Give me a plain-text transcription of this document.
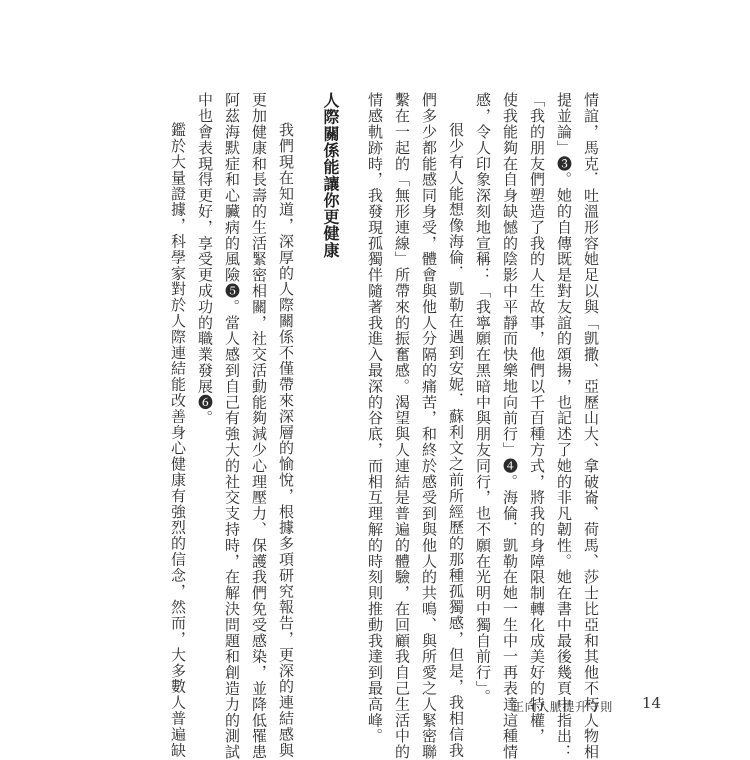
情誼，馬克．吐溫形容她足以與「凱撒、亞歷山大、拿破崙、荷馬、莎士比亞和其他不朽人物相
提並論」❸。她的自傳既是對友誼的頌揚，也記述了她的非凡韌性。她在書中最後幾頁中指出：
「我的朋友們塑造了我的人生故事，他們以千百種方式，將我的身障限制轉化成美好的特權，
使我能夠在自身缺憾的陰影中平靜而快樂地向前行」❹。海倫．凱勒在她一生中一再表達這種情
感，令人印象深刻地宣稱：「我寧願在黑暗中與朋友同行，也不願在光明中獨自前行」。
很少有人能想像海倫．凱勒在遇到安妮．蘇利文之前所經歷的那種孤獨感，但是，我相信我
們多少都能感同身受，體會與他人分隔的痛苦，和終於感受到與他人的共鳴、與所愛之人緊密聯
繫在一起的「無形連線」所帶來的振奮感。渴望與人連結是普遍的體驗，在回顧我自己生活中的
情感軌跡時，我發現孤獨伴隨著我進入最深的谷底，而相互理解的時刻則推動我達到最高峰。
人際關係能讓你更健康
我們現在知道，深厚的人際關係不僅帶來深層的愉悅，根據多項研究報告，更深的連結感與
更加健康和長壽的生活緊密相關，社交活動能夠減少心理壓力、保護我們免受感染，並降低罹患
阿茲海默症和心臟病的風險❺。當人感到自己有強大的社交支持時，在解決問題和創造力的測試
中也會表現得更好，享受更成功的職業發展❻。
鑑於大量證據，科學家對於人際連結能改善身心健康有強烈的信念，然而，大多數人普遍缺	正向人脈提升守則 14
